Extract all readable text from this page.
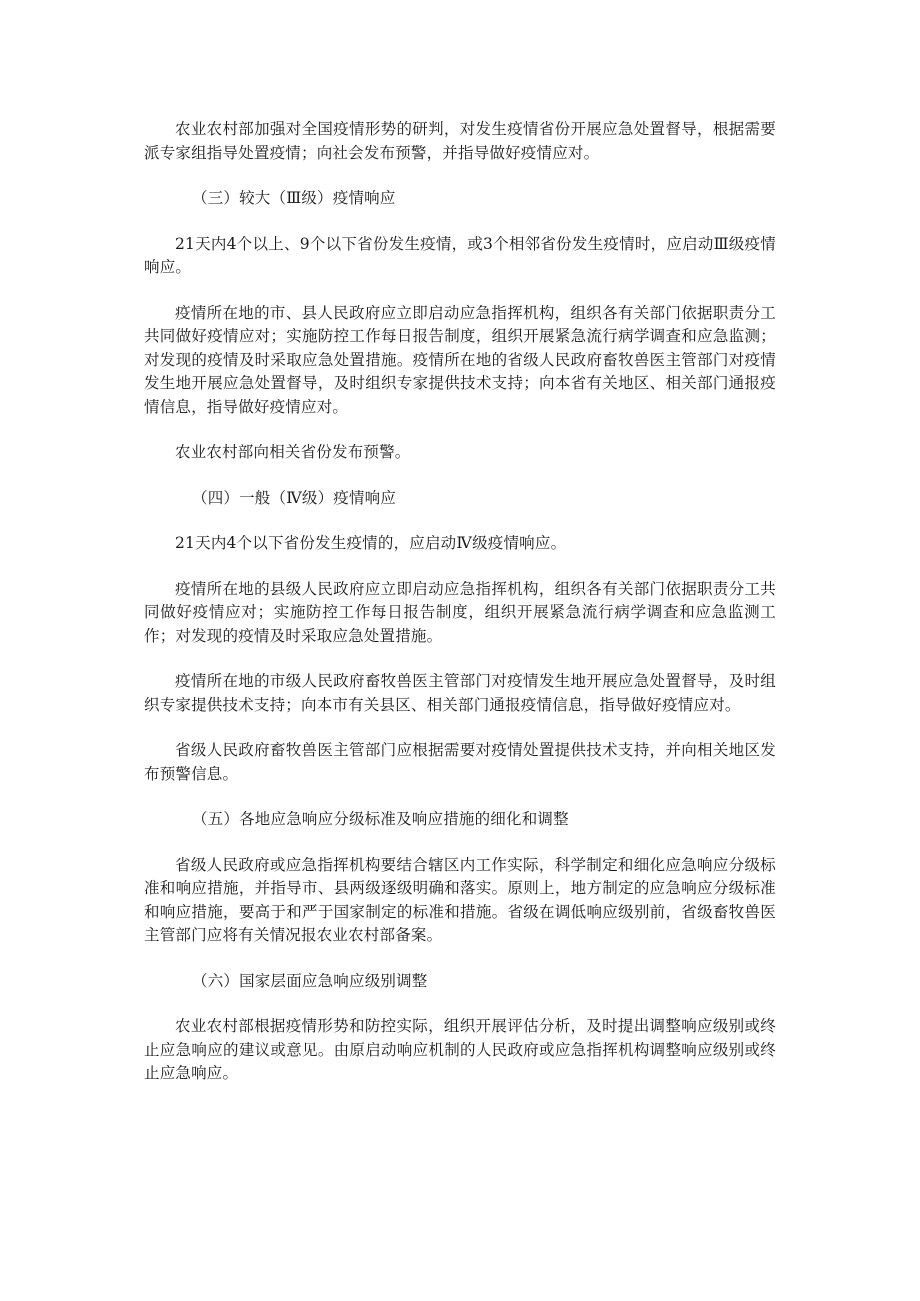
农业农村部加强对全国疫情形势的研判，对发生疫情省份开展应急处置督导，根据需要派专家组指导处置疫情；向社会发布预警，并指导做好疫情应对。

（三）较大（Ⅲ级）疫情响应

21天内4个以上、9个以下省份发生疫情，或3个相邻省份发生疫情时，应启动Ⅲ级疫情响应。

疫情所在地的市、县人民政府应立即启动应急指挥机构，组织各有关部门依据职责分工共同做好疫情应对；实施防控工作每日报告制度，组织开展紧急流行病学调查和应急监测；对发现的疫情及时采取应急处置措施。疫情所在地的省级人民政府畜牧兽医主管部门对疫情发生地开展应急处置督导，及时组织专家提供技术支持；向本省有关地区、相关部门通报疫情信息，指导做好疫情应对。

农业农村部向相关省份发布预警。

（四）一般（Ⅳ级）疫情响应

21天内4个以下省份发生疫情的，应启动Ⅳ级疫情响应。

疫情所在地的县级人民政府应立即启动应急指挥机构，组织各有关部门依据职责分工共同做好疫情应对；实施防控工作每日报告制度，组织开展紧急流行病学调查和应急监测工作；对发现的疫情及时采取应急处置措施。

疫情所在地的市级人民政府畜牧兽医主管部门对疫情发生地开展应急处置督导，及时组织专家提供技术支持；向本市有关县区、相关部门通报疫情信息，指导做好疫情应对。

省级人民政府畜牧兽医主管部门应根据需要对疫情处置提供技术支持，并向相关地区发布预警信息。

（五）各地应急响应分级标准及响应措施的细化和调整

省级人民政府或应急指挥机构要结合辖区内工作实际，科学制定和细化应急响应分级标准和响应措施，并指导市、县两级逐级明确和落实。原则上，地方制定的应急响应分级标准和响应措施，要高于和严于国家制定的标准和措施。省级在调低响应级别前，省级畜牧兽医主管部门应将有关情况报农业农村部备案。

（六）国家层面应急响应级别调整

农业农村部根据疫情形势和防控实际，组织开展评估分析，及时提出调整响应级别或终止应急响应的建议或意见。由原启动响应机制的人民政府或应急指挥机构调整响应级别或终止应急响应。
